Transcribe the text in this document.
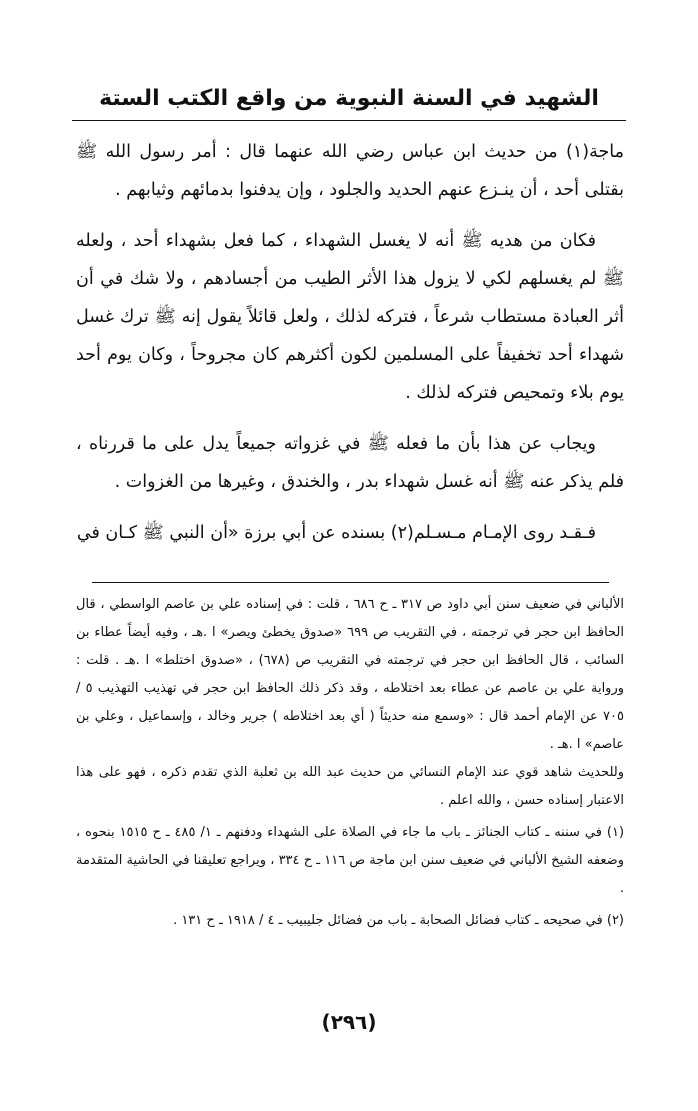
الشهيد في السنة النبوية من واقع الكتب الستة

ماجة(١) من حديث ابن عباس رضي الله عنهما قال : أمر رسول الله ﷺ بقتلى أحد ، أن ينـزع عنهم الحديد والجلود ، وإن يدفنوا بدمائهم وثيابهم .

فكان من هديه ﷺ أنه لا يغسل الشهداء ، كما فعل بشهداء أحد ، ولعله ﷺ لم يغسلهم لكي لا يزول هذا الأثر الطيب من أجسادهم ، ولا شك في أن أثر العبادة مستطاب شرعاً ، فتركه لذلك ، ولعل قائلاً يقول إنه ﷺ ترك غسل شهداء أحد تخفيفاً على المسلمين لكون أكثرهم كان مجروحاً ، وكان يوم أحد يوم بلاء وتمحيص فتركه لذلك .

ويجاب عن هذا بأن ما فعله ﷺ في غزواته جميعاً يدل على ما قررناه ، فلم يذكر عنه ﷺ أنه غسل شهداء بدر ، والخندق ، وغيرها من الغزوات .

فـقـد روى الإمـام مـسـلم(٢) بسنده عن أبي برزة «أن النبي ﷺ كـان في

الألباني في ضعيف سنن أبي داود ص ٣١٧ ـ ح ٦٨٦ ، قلت : في إسناده علي بن عاصم الواسطي ، قال الحافظ ابن حجر في ترجمته ، في التقريب ص ٦٩٩ «صدوق يخطئ ويصر» ا .هـ ، وفيه أيضاً عطاء بن السائب ، قال الحافظ ابن حجر في ترجمته في التقريب ص (٦٧٨) ، «صدوق اختلط» ا .هـ . قلت : ورواية علي بن عاصم عن عطاء بعد اختلاطه ، وقد ذكر ذلك الحافظ ابن حجر في تهذيب التهذيب ٥ / ٧٠٥ عن الإمام أحمد قال : «وسمع منه حديثاً ( أي بعد اختلاطه ) جرير وخالد ، وإسماعيل ، وعلي بن عاصم» ا .هـ .

وللحديث شاهد قوي عند الإمام النسائي من حديث عبد الله بن ثعلبة الذي تقدم ذكره ، فهو على هذا الاعتبار إسناده حسن ، والله اعلم .

(١) في سننه ـ كتاب الجنائز ـ باب ما جاء في الصلاة على الشهداء ودفنهم ـ ١/ ٤٨٥ ـ ح ١٥١٥ بنحوه ، وضعفه الشيخ الألباني في ضعيف سنن ابن ماجة ص ١١٦ ـ ح ٣٣٤ ، ويراجع تعليقنا في الحاشية المتقدمة .

(٢) في صحيحه ـ كتاب فضائل الصحابة ـ باب من فضائل جليبيب ـ ٤ / ١٩١٨ ـ ح ١٣١ .

(٢٩٦)
